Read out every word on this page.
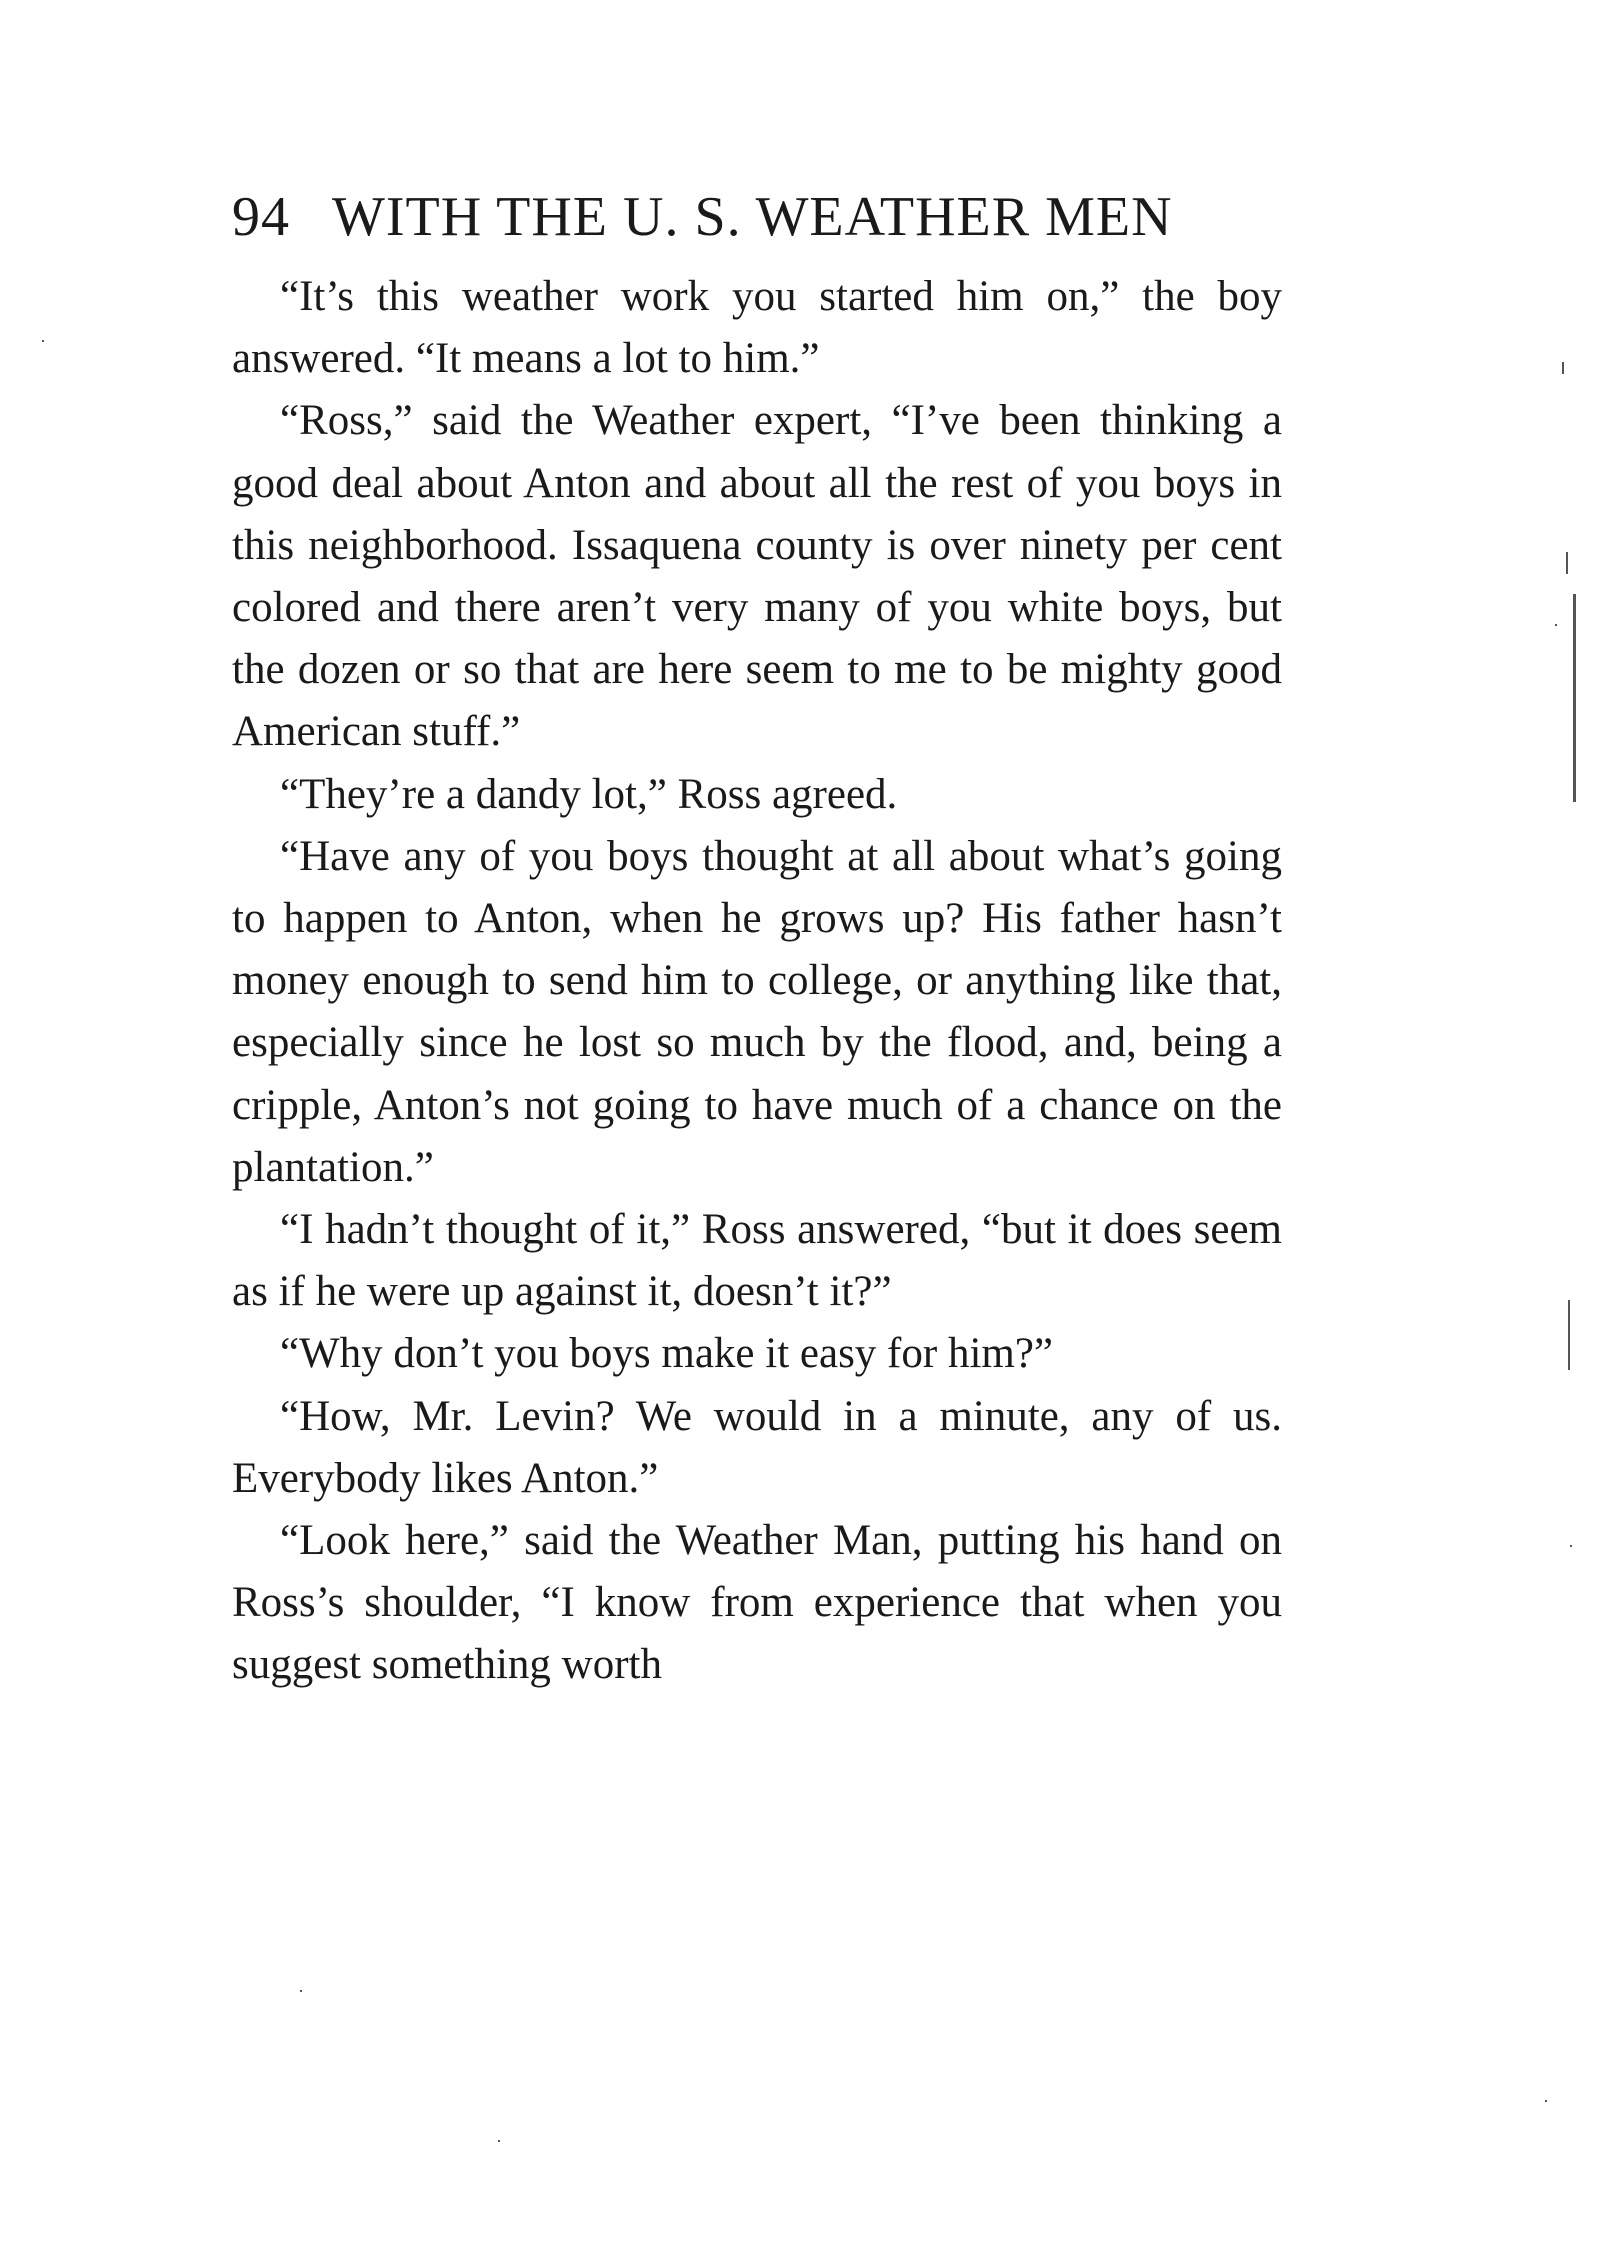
94 WITH THE U. S. WEATHER MEN

“It’s this weather work you started him on,” the boy answered. “It means a lot to him.”

“Ross,” said the Weather expert, “I’ve been thinking a good deal about Anton and about all the rest of you boys in this neighborhood. Issaquena county is over ninety per cent colored and there aren’t very many of you white boys, but the dozen or so that are here seem to me to be mighty good American stuff.”

“They’re a dandy lot,” Ross agreed.

“Have any of you boys thought at all about what’s going to happen to Anton, when he grows up? His father hasn’t money enough to send him to college, or anything like that, especially since he lost so much by the flood, and, being a cripple, Anton’s not going to have much of a chance on the plantation.”

“I hadn’t thought of it,” Ross answered, “but it does seem as if he were up against it, doesn’t it?”

“Why don’t you boys make it easy for him?”

“How, Mr. Levin? We would in a minute, any of us. Everybody likes Anton.”

“Look here,” said the Weather Man, putting his hand on Ross’s shoulder, “I know from experience that when you suggest something worth
